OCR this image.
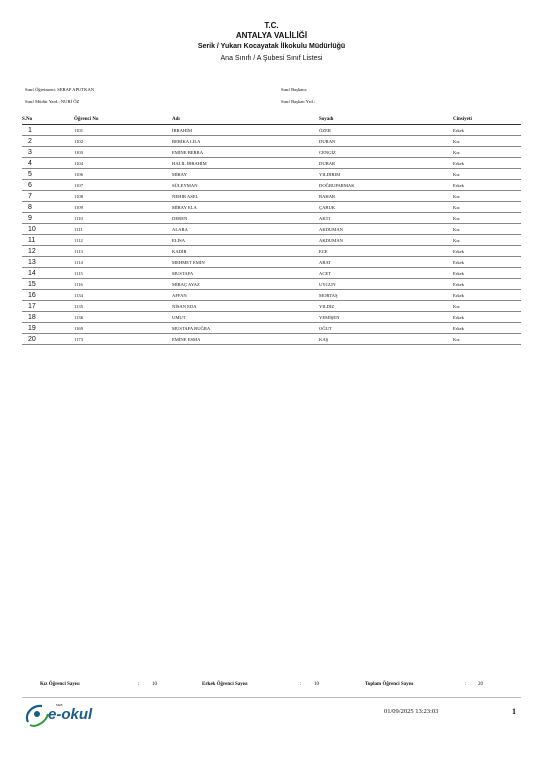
T.C.
ANTALYA VALİLİĞİ
Serik / Yukarı Kocayatak İlkokulu Müdürlüğü
Ana Sınıfı / A Şubesi Sınıf Listesi
Sınıf Öğretmeni: SERAP APUTKAN
Sınıf Müdür Yard.: NURİ ÖZ
Sınıf Başkanı:
Sınıf Başkan Yrd.:
S.No	Öğrenci No	Adı	Soyadı	Cinsiyeti
1	1101	İBRAHİM	ÖZER	Erkek
2	1102	BERİKA LİLA	DURAN	Kız
3	1103	EMİNE BERRA	CENGİZ	Kız
4	1104	HALİL İBRAHİM	DUBAR	Erkek
5	1106	MİRAY	YILDIRIM	Kız
6	1107	SÜLEYMAN	DOĞRUPARMAK	Erkek
7	1108	NEHİR ASEL	BAHAR	Kız
8	1109	MİRAY ELA	ÇABUK	Kız
9	1110	DEREN	AKTI	Kız
10	1111	ALARA	AKDUMAN	Kız
11	1112	ELİSA	AKDUMAN	Kız
12	1113	KADİR	ECE	Erkek
13	1114	MEHMET EMİN	ARAT	Erkek
14	1115	MUSTAFA	ACET	Erkek
15	1116	MİRAÇ AYAZ	UYGUN	Erkek
16	1134	AFFAN	MORTAŞ	Erkek
17	1135	NİSAN EDA	YILDIZ	Kız
18	1136	UMUT	YEMİŞEN	Erkek
19	1169	MUSTAFA BUĞRA	OĞUT	Erkek
20	1173	EMİNE ESMA	KAŞ	Kız
Kız Öğrenci Sayısı	:	10	Erkek Öğrenci Sayısı	:	10	Toplam Öğrenci Sayısı	: 20
MEB
e-okul	01/09/2025 13:23:03	1
